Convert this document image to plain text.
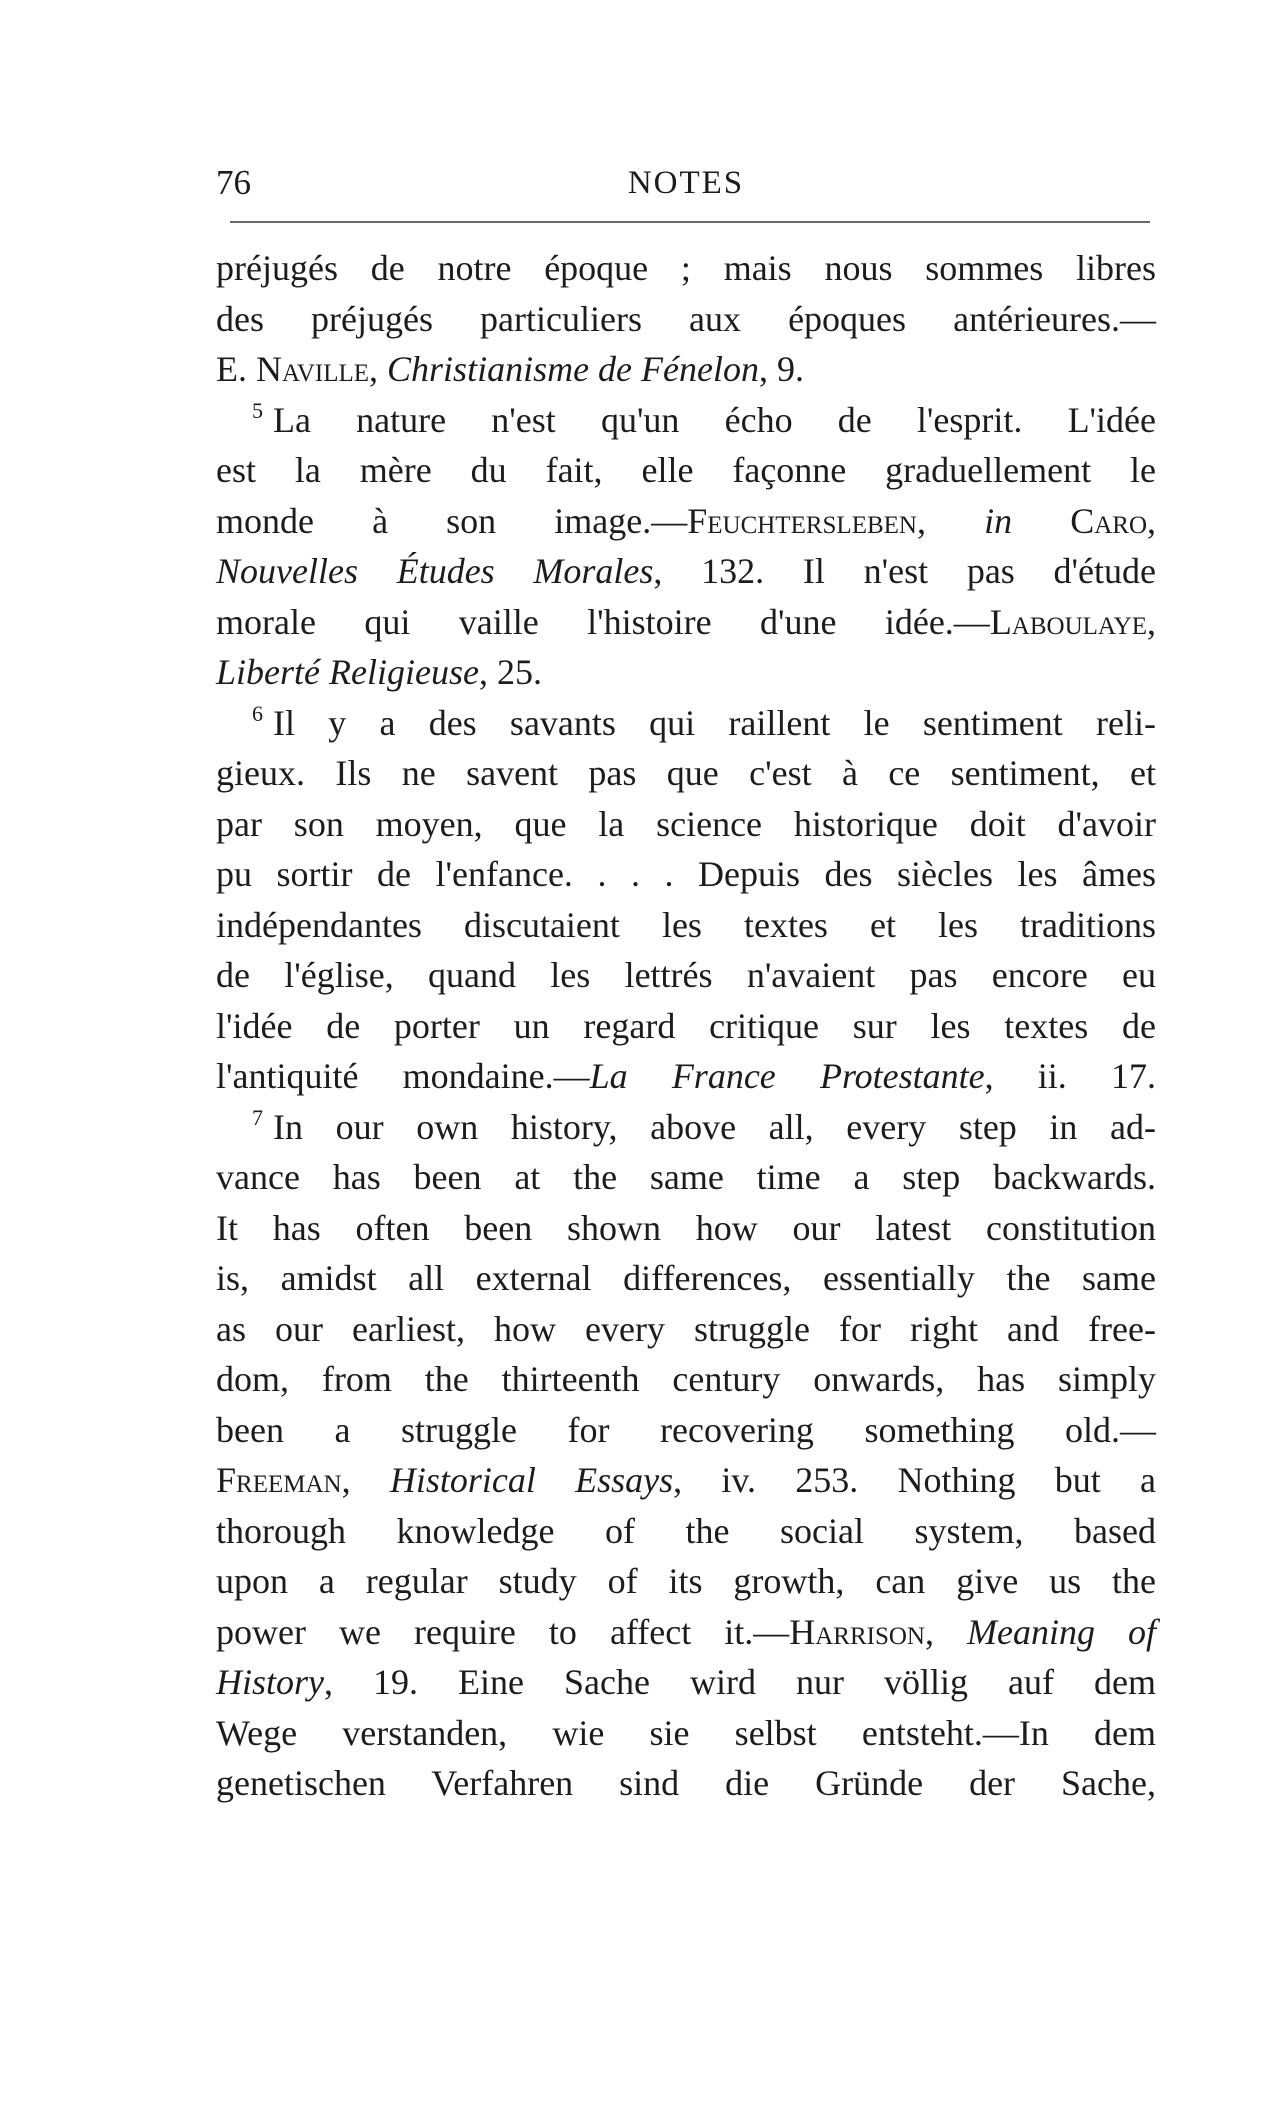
76	NOTES
préjugés de notre époque ; mais nous sommes libres
des préjugés particuliers aux époques antérieures.—
E. Naville, Christianisme de Fénelon, 9.
$^5$ La nature n'est qu'un écho de l'esprit. L'idée
est la mère du fait, elle façonne graduellement le
monde à son image.—Feuchtersleben, in Caro,
Nouvelles Études Morales, 132. Il n'est pas d'étude
morale qui vaille l'histoire d'une idée.—Laboulaye,
Liberté Religieuse, 25.
$^6$ Il y a des savants qui raillent le sentiment reli-
gieux. Ils ne savent pas que c'est à ce sentiment, et
par son moyen, que la science historique doit d'avoir
pu sortir de l'enfance. . . . Depuis des siècles les âmes
indépendantes discutaient les textes et les traditions
de l'église, quand les lettrés n'avaient pas encore eu
l'idée de porter un regard critique sur les textes de
l'antiquité mondaine.—La France Protestante, ii. 17.
$^7$ In our own history, above all, every step in ad-
vance has been at the same time a step backwards.
It has often been shown how our latest constitution
is, amidst all external differences, essentially the same
as our earliest, how every struggle for right and free-
dom, from the thirteenth century onwards, has simply
been a struggle for recovering something old.—
Freeman, Historical Essays, iv. 253. Nothing but a
thorough knowledge of the social system, based
upon a regular study of its growth, can give us the
power we require to affect it.—Harrison, Meaning of
History, 19. Eine Sache wird nur völlig auf dem
Wege verstanden, wie sie selbst entsteht.—In dem
genetischen Verfahren sind die Gründe der Sache,
